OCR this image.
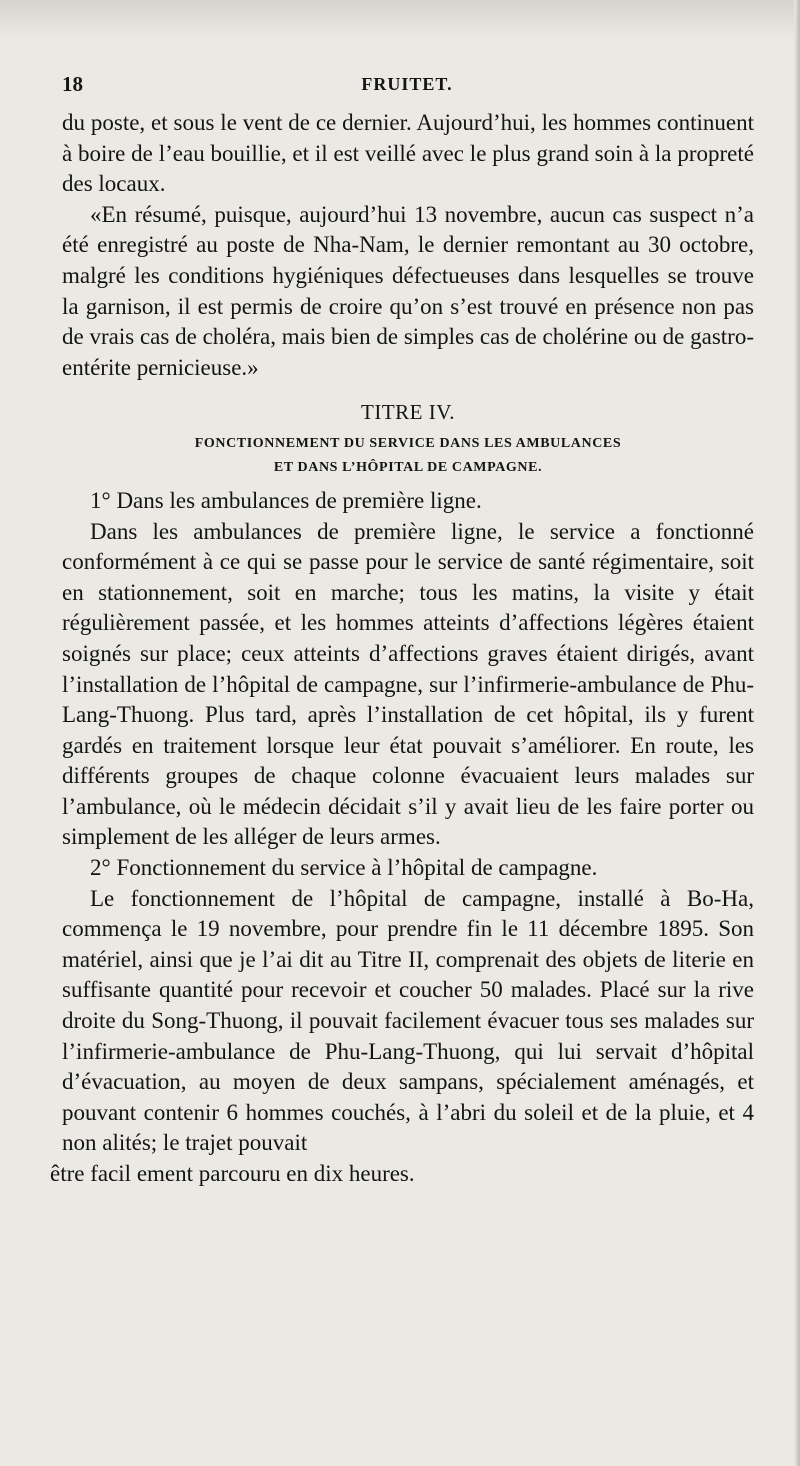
18	FRUITET.

du poste, et sous le vent de ce dernier. Aujourd’hui, les hommes continuent à boire de l’eau bouillie, et il est veillé avec le plus grand soin à la propreté des locaux.

«En résumé, puisque, aujourd’hui 13 novembre, aucun cas suspect n’a été enregistré au poste de Nha-Nam, le dernier remontant au 30 octobre, malgré les conditions hygiéniques défectueuses dans lesquelles se trouve la garnison, il est permis de croire qu’on s’est trouvé en présence non pas de vrais cas de choléra, mais bien de simples cas de cholérine ou de gastro-entérite pernicieuse.»

TITRE IV.

FONCTIONNEMENT DU SERVICE DANS LES AMBULANCES

ET DANS L’HÔPITAL DE CAMPAGNE.

1° Dans les ambulances de première ligne.

Dans les ambulances de première ligne, le service a fonctionné conformément à ce qui se passe pour le service de santé régimentaire, soit en stationnement, soit en marche; tous les matins, la visite y était régulièrement passée, et les hommes atteints d’affections légères étaient soignés sur place; ceux atteints d’affections graves étaient dirigés, avant l’installation de l’hôpital de campagne, sur l’infirmerie-ambulance de Phu-Lang-Thuong. Plus tard, après l’installation de cet hôpital, ils y furent gardés en traitement lorsque leur état pouvait s’améliorer. En route, les différents groupes de chaque colonne évacuaient leurs malades sur l’ambulance, où le médecin décidait s’il y avait lieu de les faire porter ou simplement de les alléger de leurs armes.

2° Fonctionnement du service à l’hôpital de campagne.

Le fonctionnement de l’hôpital de campagne, installé à Bo-Ha, commença le 19 novembre, pour prendre fin le 11 décembre 1895. Son matériel, ainsi que je l’ai dit au Titre II, comprenait des objets de literie en suffisante quantité pour recevoir et coucher 50 malades. Placé sur la rive droite du Song-Thuong, il pouvait facilement évacuer tous ses malades sur l’infirmerie-ambulance de Phu-Lang-Thuong, qui lui servait d’hôpital d’évacuation, au moyen de deux sampans, spécialement aménagés, et pouvant contenir 6 hommes couchés, à l’abri du soleil et de la pluie, et 4 non alités; le trajet pouvait

être facil ement parcouru en dix heures.
